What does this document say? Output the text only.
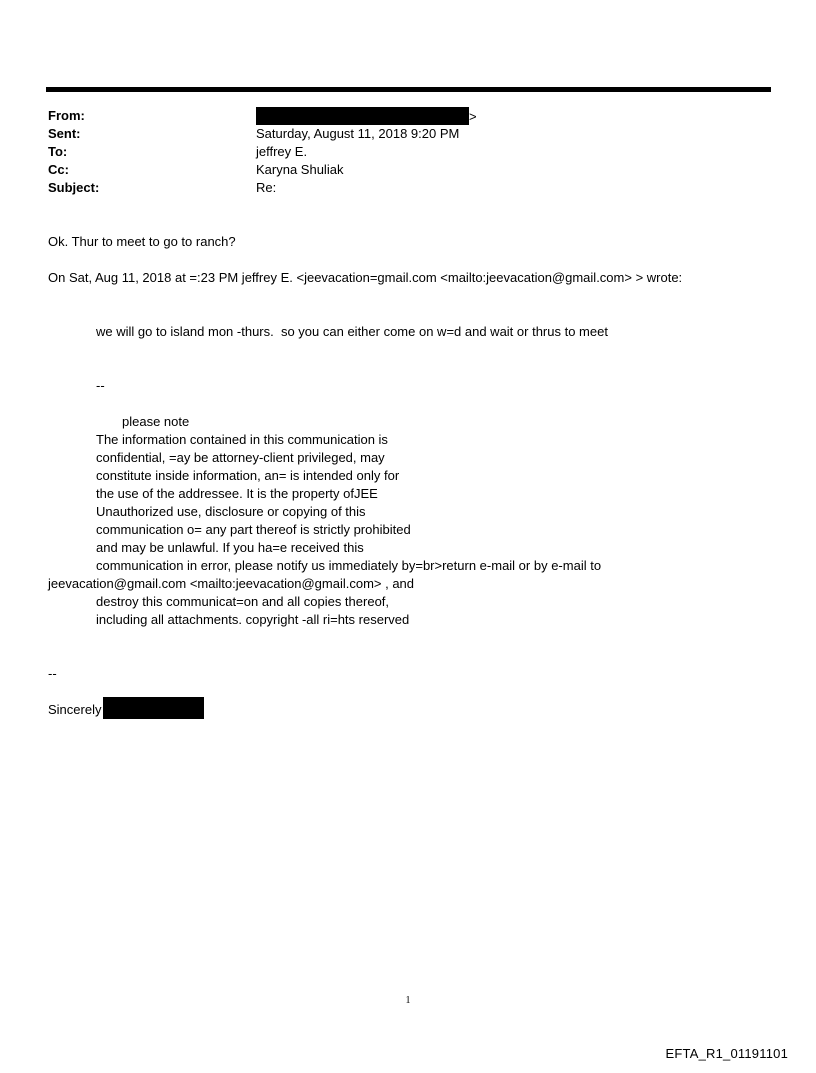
From:
Sent:
To:
Cc:
Subject:
>
Saturday, August 11, 2018 9:20 PM
jeffrey E.
Karyna Shuliak
Re:
Ok. Thur to meet to go to ranch?
On Sat, Aug 11, 2018 at =:23 PM jeffrey E. <jeevacation=gmail.com <mailto:jeevacation@gmail.com> > wrote:
we will go to island mon -thurs.  so you can either come on w=d and wait or thrus to meet
--
please note
The information contained in this communication is
confidential, =ay be attorney-client privileged, may
constitute inside information, an= is intended only for
the use of the addressee. It is the property ofJEE
Unauthorized use, disclosure or copying of this
communication o= any part thereof is strictly prohibited
and may be unlawful. If you ha=e received this
communication in error, please notify us immediately by=br>return e-mail or by e-mail to
jeevacation@gmail.com <mailto:jeevacation@gmail.com> , and
destroy this communicat=on and all copies thereof,
including all attachments. copyright -all ri=hts reserved
--
Sincerely
1
EFTA_R1_01191101
